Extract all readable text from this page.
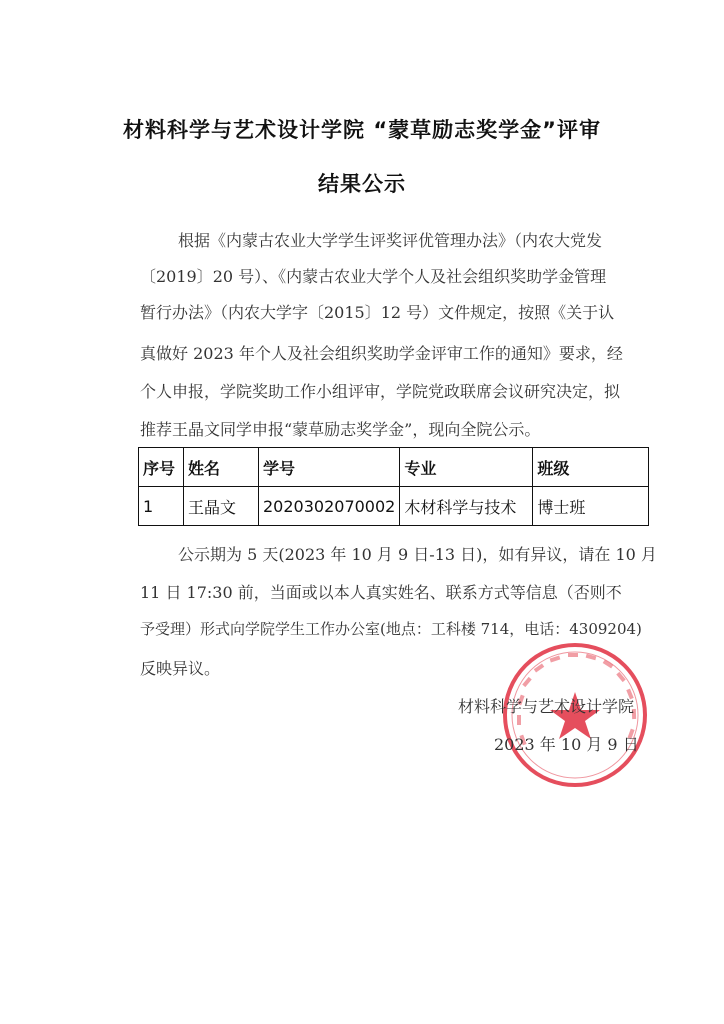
材料科学与艺术设计学院 “蒙草励志奖学金”评审
结果公示
根据《内蒙古农业大学学生评奖评优管理办法》（内农大党发
〔2019〕20 号）、《内蒙古农业大学个人及社会组织奖助学金管理
暂行办法》（内农大学字〔2015〕12 号）文件规定，按照《关于认
真做好 2023 年个人及社会组织奖助学金评审工作的通知》要求，经
个人申报，学院奖助工作小组评审，学院党政联席会议研究决定，拟
推荐王晶文同学申报“蒙草励志奖学金”，现向全院公示。
序号	姓名	学号	专业	班级
1	王晶文	2020302070002	木材科学与技术	博士班
公示期为 5 天(2023 年 10 月 9 日-13 日)，如有异议，请在 10 月
11 日 17:30 前，当面或以本人真实姓名、联系方式等信息（否则不
予受理）形式向学院学生工作办公室(地点：工科楼 714，电话：4309204)
反映异议。
材料科学与艺术设计学院
2023 年 10 月 9 日
